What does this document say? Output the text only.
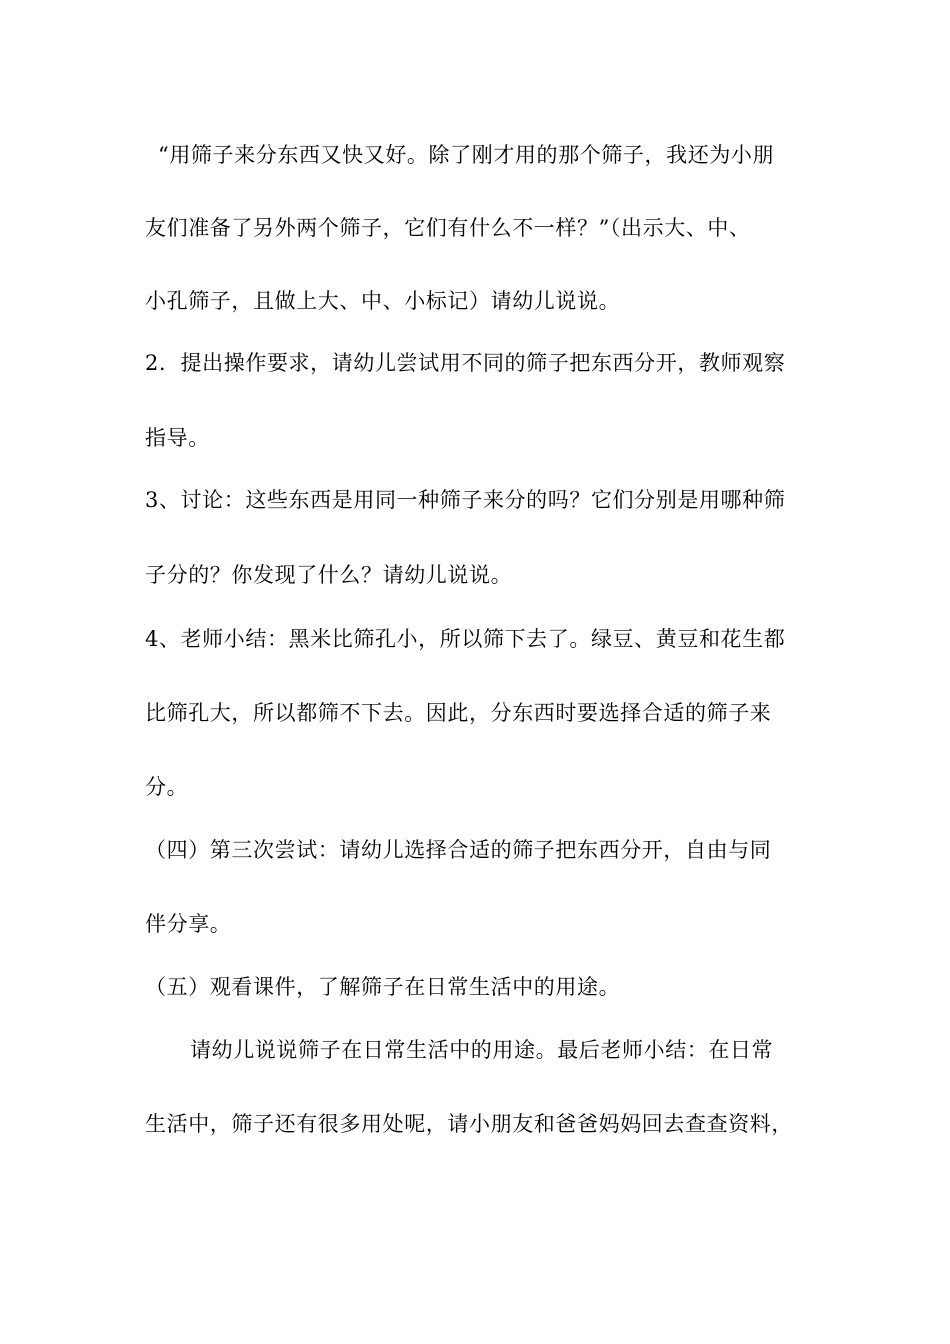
“用筛子来分东西又快又好。除了刚才用的那个筛子，我还为小朋
友们准备了另外两个筛子，它们有什么不一样？”（出示大、中、
小孔筛子，且做上大、中、小标记）请幼儿说说。
2．提出操作要求，请幼儿尝试用不同的筛子把东西分开，教师观察
指导。
3、讨论：这些东西是用同一种筛子来分的吗？它们分别是用哪种筛
子分的？你发现了什么？请幼儿说说。
4、老师小结：黑米比筛孔小，所以筛下去了。绿豆、黄豆和花生都
比筛孔大，所以都筛不下去。因此，分东西时要选择合适的筛子来
分。
（四）第三次尝试：请幼儿选择合适的筛子把东西分开，自由与同
伴分享。
（五）观看课件，了解筛子在日常生活中的用途。
请幼儿说说筛子在日常生活中的用途。最后老师小结：在日常
生活中，筛子还有很多用处呢，请小朋友和爸爸妈妈回去查查资料，
